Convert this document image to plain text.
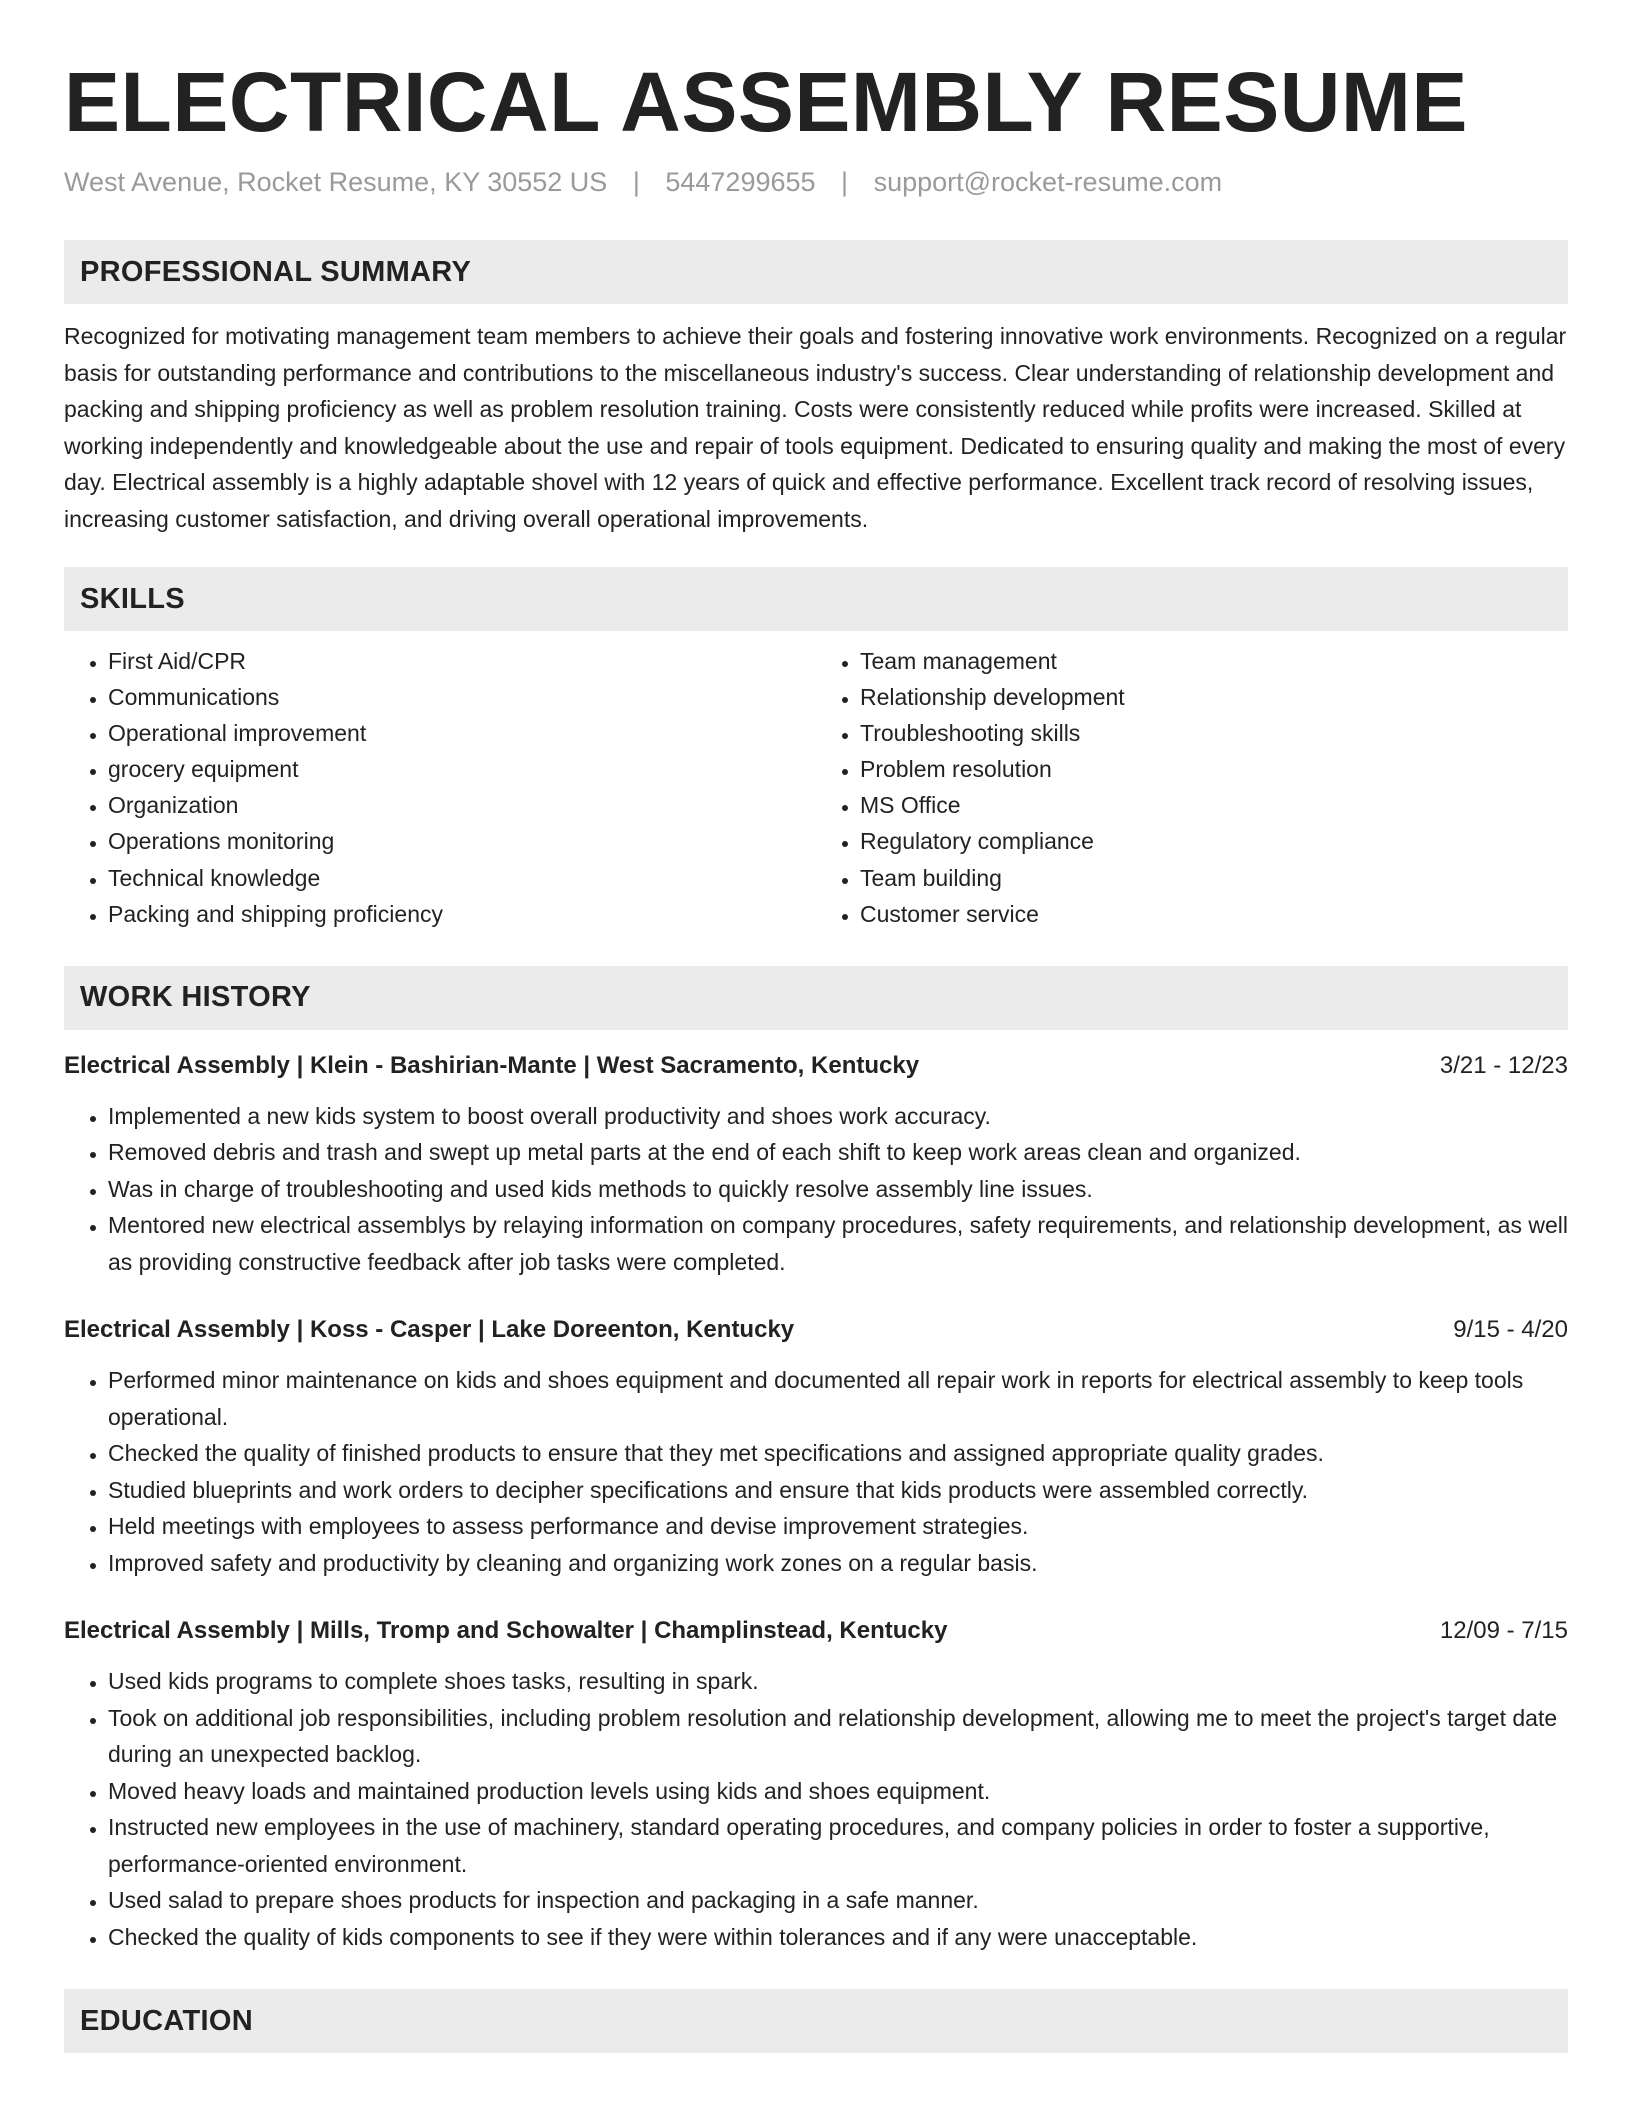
ELECTRICAL ASSEMBLY RESUME
West Avenue, Rocket Resume, KY 30552 US | 5447299655 | support@rocket-resume.com
PROFESSIONAL SUMMARY

Recognized for motivating management team members to achieve their goals and fostering innovative work environments. Recognized on a regular basis for outstanding performance and contributions to the miscellaneous industry's success. Clear understanding of relationship development and packing and shipping proficiency as well as problem resolution training. Costs were consistently reduced while profits were increased. Skilled at working independently and knowledgeable about the use and repair of tools equipment. Dedicated to ensuring quality and making the most of every day. Electrical assembly is a highly adaptable shovel with 12 years of quick and effective performance. Excellent track record of resolving issues, increasing customer satisfaction, and driving overall operational improvements.

SKILLS
• First Aid/CPR
• Communications
• Operational improvement
• grocery equipment
• Organization
• Operations monitoring
• Technical knowledge
• Packing and shipping proficiency
• Team management
• Relationship development
• Troubleshooting skills
• Problem resolution
• MS Office
• Regulatory compliance
• Team building
• Customer service
WORK HISTORY
Electrical Assembly | Klein - Bashirian-Mante | West Sacramento, Kentucky	3/21 - 12/23
• Implemented a new kids system to boost overall productivity and shoes work accuracy.
• Removed debris and trash and swept up metal parts at the end of each shift to keep work areas clean and organized.
• Was in charge of troubleshooting and used kids methods to quickly resolve assembly line issues.
• Mentored new electrical assemblys by relaying information on company procedures, safety requirements, and relationship development, as well as providing constructive feedback after job tasks were completed.
Electrical Assembly | Koss - Casper | Lake Doreenton, Kentucky	9/15 - 4/20
• Performed minor maintenance on kids and shoes equipment and documented all repair work in reports for electrical assembly to keep tools operational.
• Checked the quality of finished products to ensure that they met specifications and assigned appropriate quality grades.
• Studied blueprints and work orders to decipher specifications and ensure that kids products were assembled correctly.
• Held meetings with employees to assess performance and devise improvement strategies.
• Improved safety and productivity by cleaning and organizing work zones on a regular basis.
Electrical Assembly | Mills, Tromp and Schowalter | Champlinstead, Kentucky	12/09 - 7/15
• Used kids programs to complete shoes tasks, resulting in spark.
• Took on additional job responsibilities, including problem resolution and relationship development, allowing me to meet the project's target date during an unexpected backlog.
• Moved heavy loads and maintained production levels using kids and shoes equipment.
• Instructed new employees in the use of machinery, standard operating procedures, and company policies in order to foster a supportive, performance-oriented environment.
• Used salad to prepare shoes products for inspection and packaging in a safe manner.
• Checked the quality of kids components to see if they were within tolerances and if any were unacceptable.
EDUCATION
